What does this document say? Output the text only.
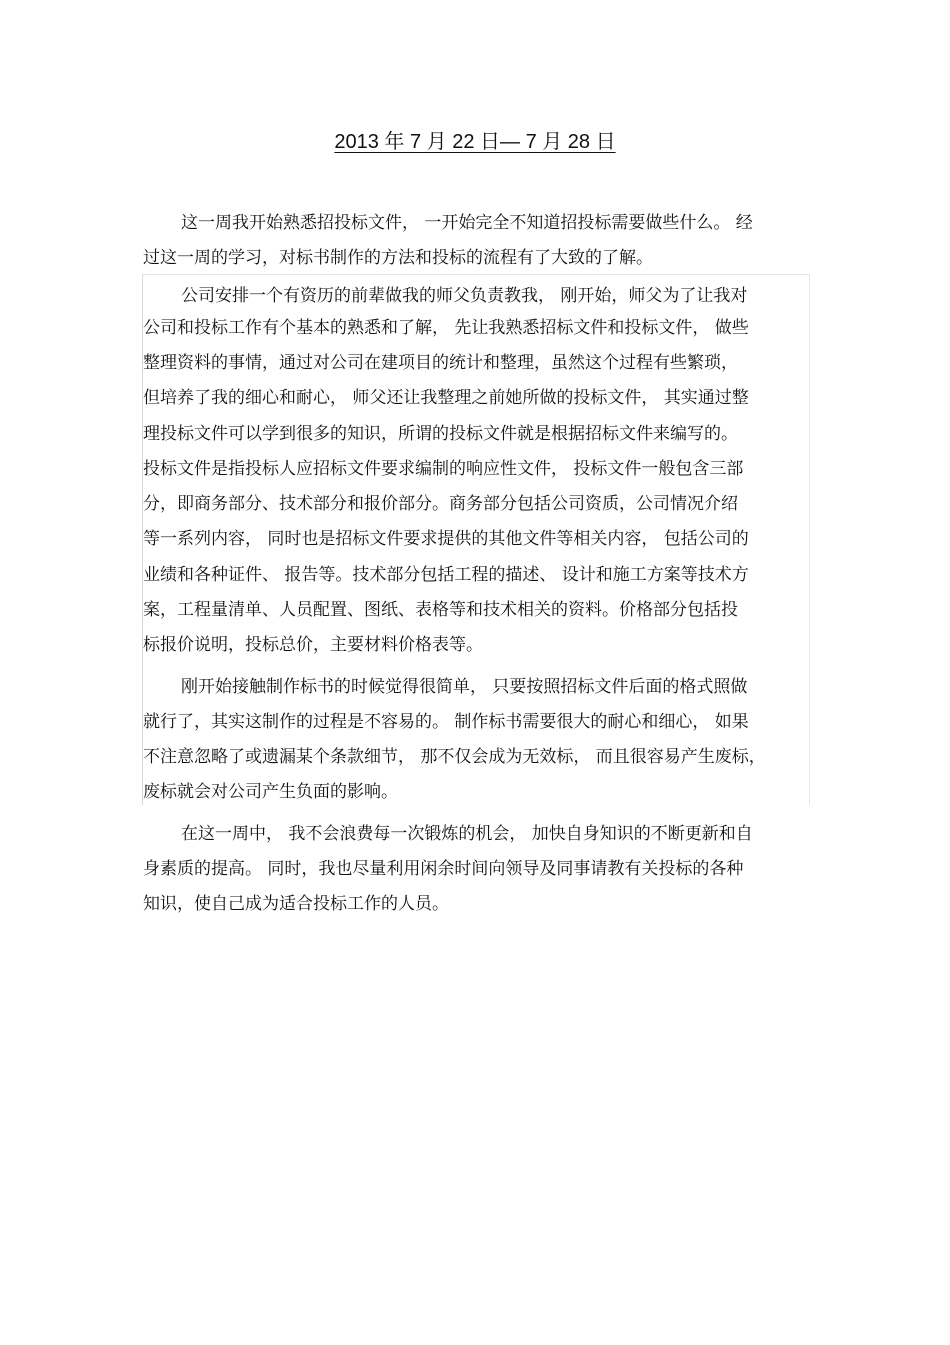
2013 年 7 月 22 日— 7 月 28 日
这一周我开始熟悉招投标文件， 一开始完全不知道招投标需要做些什么。 经
过这一周的学习，对标书制作的方法和投标的流程有了大致的了解。
公司安排一个有资历的前辈做我的师父负责教我， 刚开始，师父为了让我对
公司和投标工作有个基本的熟悉和了解， 先让我熟悉招标文件和投标文件， 做些
整理资料的事情，通过对公司在建项目的统计和整理，虽然这个过程有些繁琐，
但培养了我的细心和耐心， 师父还让我整理之前她所做的投标文件， 其实通过整
理投标文件可以学到很多的知识，所谓的投标文件就是根据招标文件来编写的。
投标文件是指投标人应招标文件要求编制的响应性文件， 投标文件一般包含三部
分，即商务部分、技术部分和报价部分。商务部分包括公司资质，公司情况介绍
等一系列内容， 同时也是招标文件要求提供的其他文件等相关内容， 包括公司的
业绩和各种证件、 报告等。技术部分包括工程的描述、 设计和施工方案等技术方
案，工程量清单、人员配置、图纸、表格等和技术相关的资料。价格部分包括投
标报价说明，投标总价，主要材料价格表等。
刚开始接触制作标书的时候觉得很简单， 只要按照招标文件后面的格式照做
就行了，其实这制作的过程是不容易的。 制作标书需要很大的耐心和细心， 如果
不注意忽略了或遗漏某个条款细节， 那不仅会成为无效标， 而且很容易产生废标，
废标就会对公司产生负面的影响。
在这一周中， 我不会浪费每一次锻炼的机会， 加快自身知识的不断更新和自
身素质的提高。 同时，我也尽量利用闲余时间向领导及同事请教有关投标的各种
知识，使自己成为适合投标工作的人员。
